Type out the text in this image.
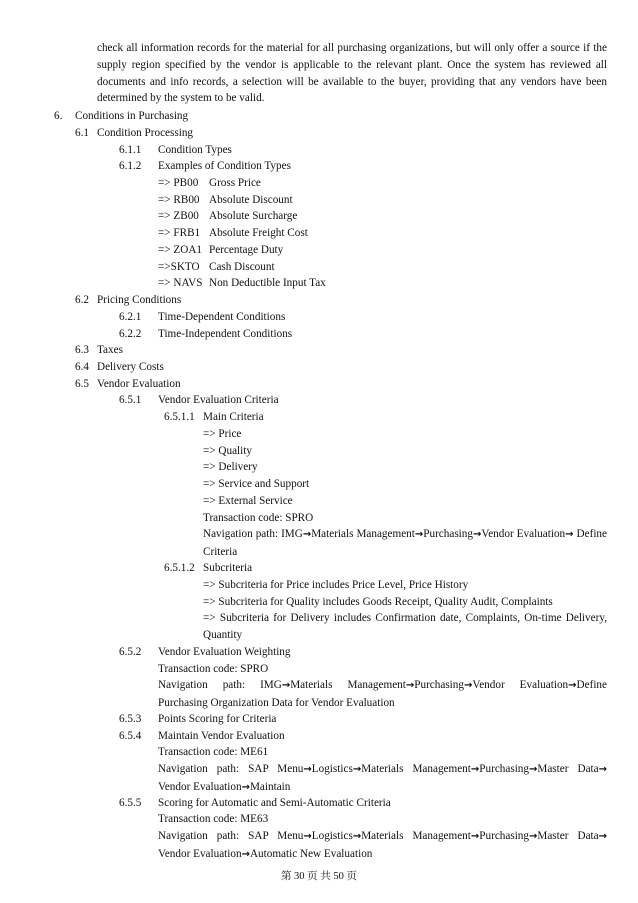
check all information records for the material for all purchasing organizations, but will only offer a source if the supply region specified by the vendor is applicable to the relevant plant. Once the system has reviewed all documents and info records, a selection will be available to the buyer, providing that any vendors have been determined by the system to be valid.
6. Conditions in Purchasing
6.1 Condition Processing
6.1.1 Condition Types
6.1.2 Examples of Condition Types
=> PB00 Gross Price
=> RB00 Absolute Discount
=> ZB00 Absolute Surcharge
=> FRB1 Absolute Freight Cost
=> ZOA1 Percentage Duty
=>SKTO Cash Discount
=> NAVS Non Deductible Input Tax
6.2 Pricing Conditions
6.2.1 Time-Dependent Conditions
6.2.2 Time-Independent Conditions
6.3 Taxes
6.4 Delivery Costs
6.5 Vendor Evaluation
6.5.1 Vendor Evaluation Criteria
6.5.1.1 Main Criteria
=> Price
=> Quality
=> Delivery
=> Service and Support
=> External Service
Transaction code: SPRO
Navigation path: IMG→Materials Management→Purchasing→Vendor Evaluation→ Define Criteria
6.5.1.2 Subcriteria
=> Subcriteria for Price includes Price Level, Price History
=> Subcriteria for Quality includes Goods Receipt, Quality Audit, Complaints
=> Subcriteria for Delivery includes Confirmation date, Complaints, On-time Delivery, Quantity
6.5.2 Vendor Evaluation Weighting
Transaction code: SPRO
Navigation path: IMG→Materials Management→Purchasing→Vendor Evaluation→Define Purchasing Organization Data for Vendor Evaluation
6.5.3 Points Scoring for Criteria
6.5.4 Maintain Vendor Evaluation
Transaction code: ME61
Navigation path: SAP Menu→Logistics→Materials Management→Purchasing→Master Data→ Vendor Evaluation→Maintain
6.5.5 Scoring for Automatic and Semi-Automatic Criteria
Transaction code: ME63
Navigation path: SAP Menu→Logistics→Materials Management→Purchasing→Master Data→ Vendor Evaluation→Automatic New Evaluation
第 30 页 共 50 页
